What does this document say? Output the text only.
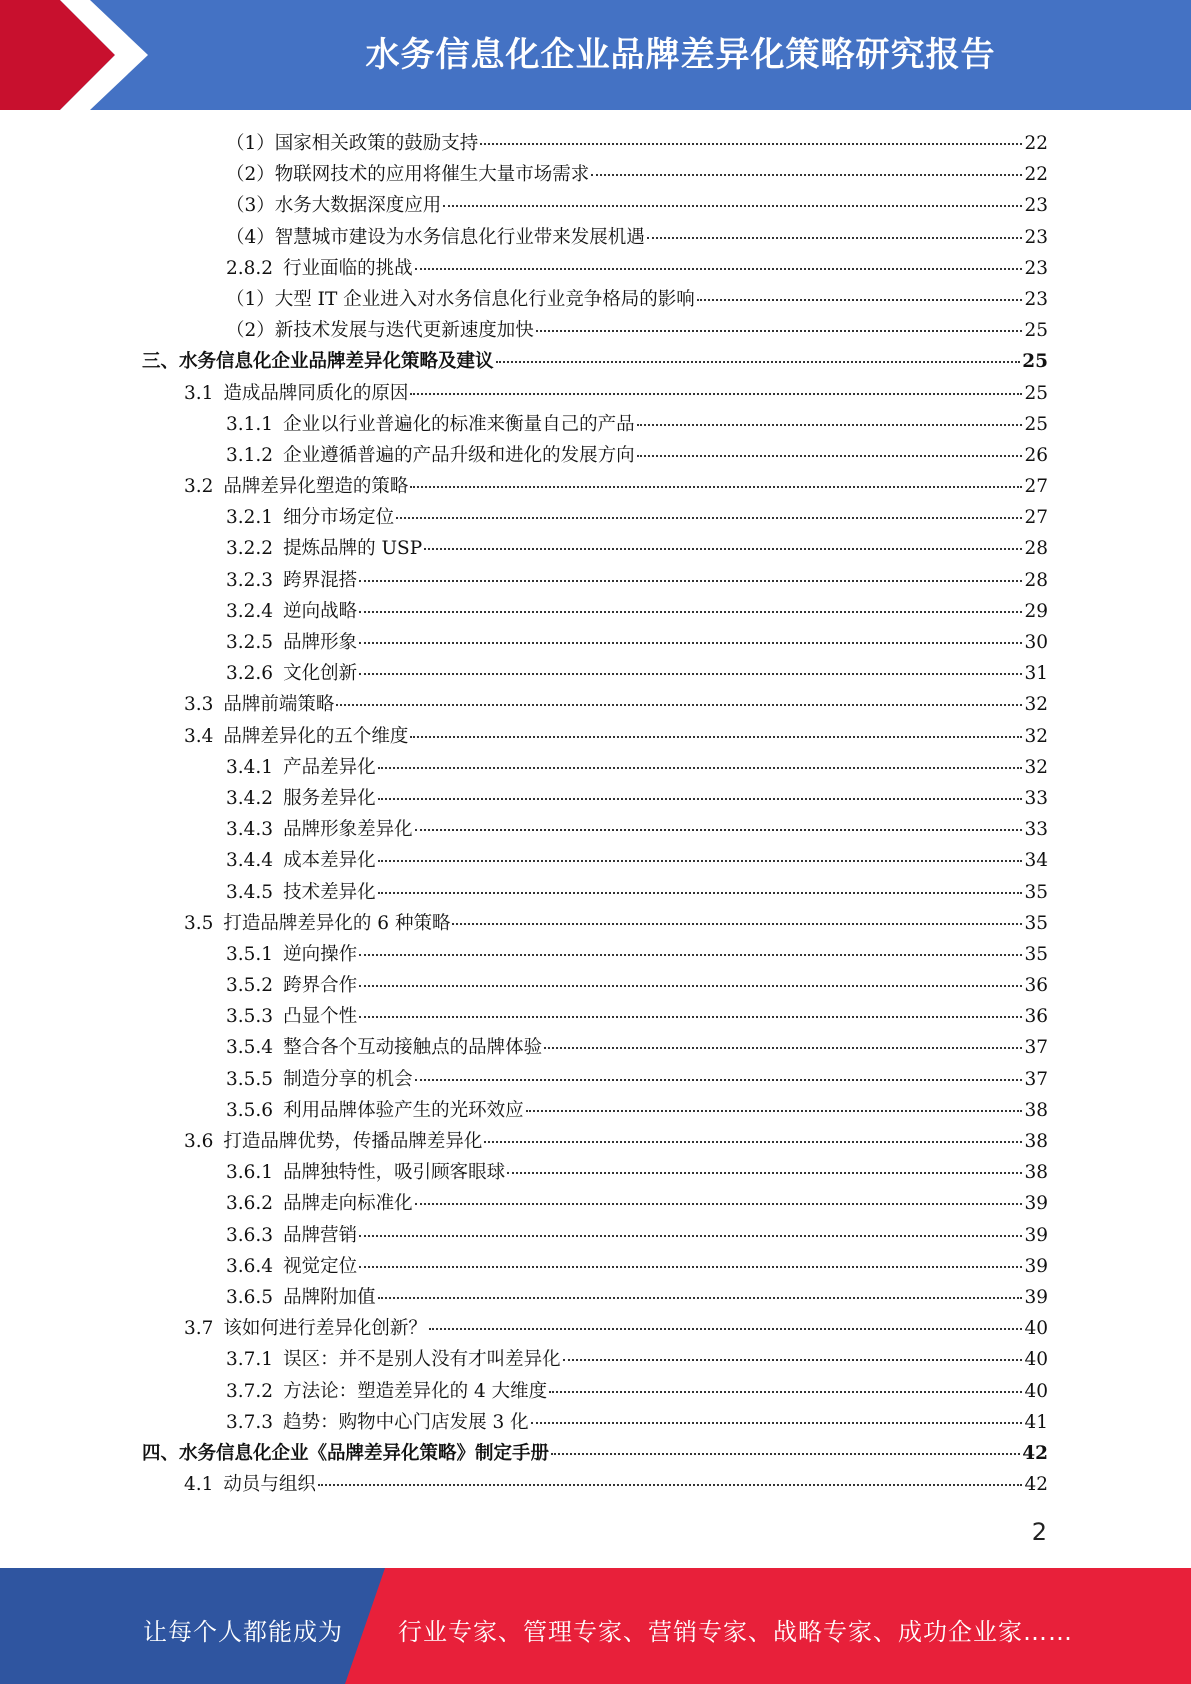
水务信息化企业品牌差异化策略研究报告
（1）国家相关政策的鼓励支持	22
（2）物联网技术的应用将催生大量市场需求	22
（3）水务大数据深度应用	23
（4）智慧城市建设为水务信息化行业带来发展机遇	23
2.8.2 行业面临的挑战	23
（1）大型 IT 企业进入对水务信息化行业竞争格局的影响	23
（2）新技术发展与迭代更新速度加快	25
三、水务信息化企业品牌差异化策略及建议	25
3.1 造成品牌同质化的原因	25
3.1.1 企业以行业普遍化的标准来衡量自己的产品	25
3.1.2 企业遵循普遍的产品升级和进化的发展方向	26
3.2 品牌差异化塑造的策略	27
3.2.1 细分市场定位	27
3.2.2 提炼品牌的 USP	28
3.2.3 跨界混搭	28
3.2.4 逆向战略	29
3.2.5 品牌形象	30
3.2.6 文化创新	31
3.3 品牌前端策略	32
3.4 品牌差异化的五个维度	32
3.4.1 产品差异化	32
3.4.2 服务差异化	33
3.4.3 品牌形象差异化	33
3.4.4 成本差异化	34
3.4.5 技术差异化	35
3.5 打造品牌差异化的 6 种策略	35
3.5.1 逆向操作	35
3.5.2 跨界合作	36
3.5.3 凸显个性	36
3.5.4 整合各个互动接触点的品牌体验	37
3.5.5 制造分享的机会	37
3.5.6 利用品牌体验产生的光环效应	38
3.6 打造品牌优势，传播品牌差异化	38
3.6.1 品牌独特性，吸引顾客眼球	38
3.6.2 品牌走向标准化	39
3.6.3 品牌营销	39
3.6.4 视觉定位	39
3.6.5 品牌附加值	39
3.7 该如何进行差异化创新？	40
3.7.1 误区：并不是别人没有才叫差异化	40
3.7.2 方法论：塑造差异化的 4 大维度	40
3.7.3 趋势：购物中心门店发展 3 化	41
四、水务信息化企业《品牌差异化策略》制定手册	42
4.1 动员与组织	42
2
让每个人都能成为 行业专家、管理专家、营销专家、战略专家、成功企业家……
